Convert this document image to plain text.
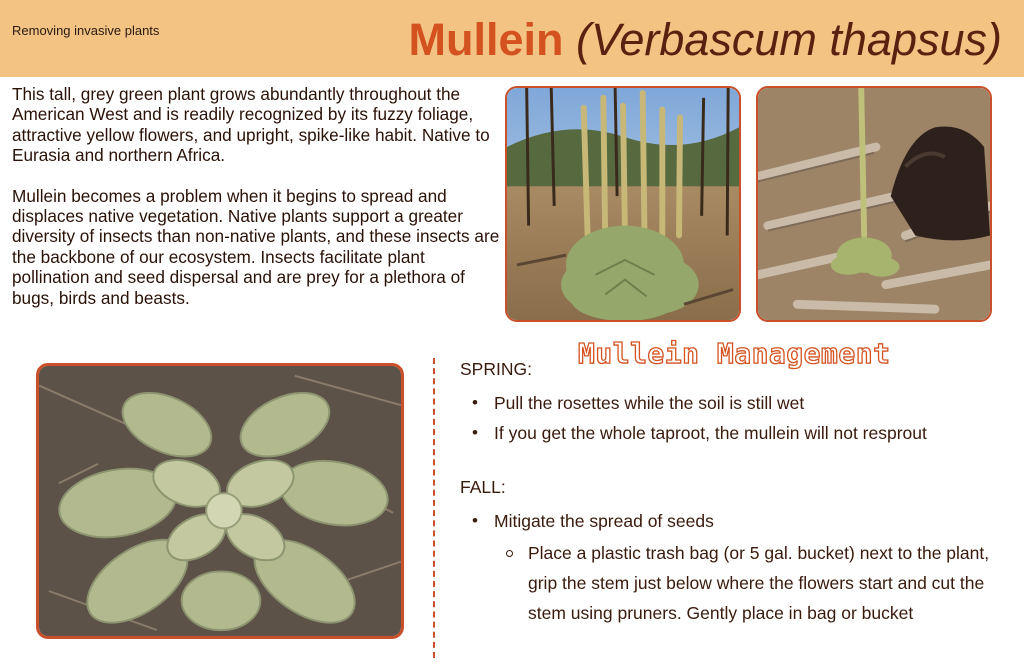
Removing invasive plants	Mullein (Verbascum thapsus)

This tall, grey green plant grows abundantly throughout the American West and is readily recognized by its fuzzy foliage, attractive yellow flowers, and upright, spike-like habit. Native to Eurasia and northern Africa.

Mullein becomes a problem when it begins to spread and displaces native vegetation. Native plants support a greater diversity of insects than non-native plants, and these insects are the backbone of our ecosystem. Insects facilitate plant pollination and seed dispersal and are prey for a plethora of bugs, birds and beasts.

Mullein Management
SPRING:
• Pull the rosettes while the soil is still wet
• If you get the whole taproot, the mullein will not resprout
FALL:
• Mitigate the spread of seeds
Place a plastic trash bag (or 5 gal. bucket) next to the plant, grip the stem just below where the flowers start and cut the stem using pruners. Gently place in bag or bucket
